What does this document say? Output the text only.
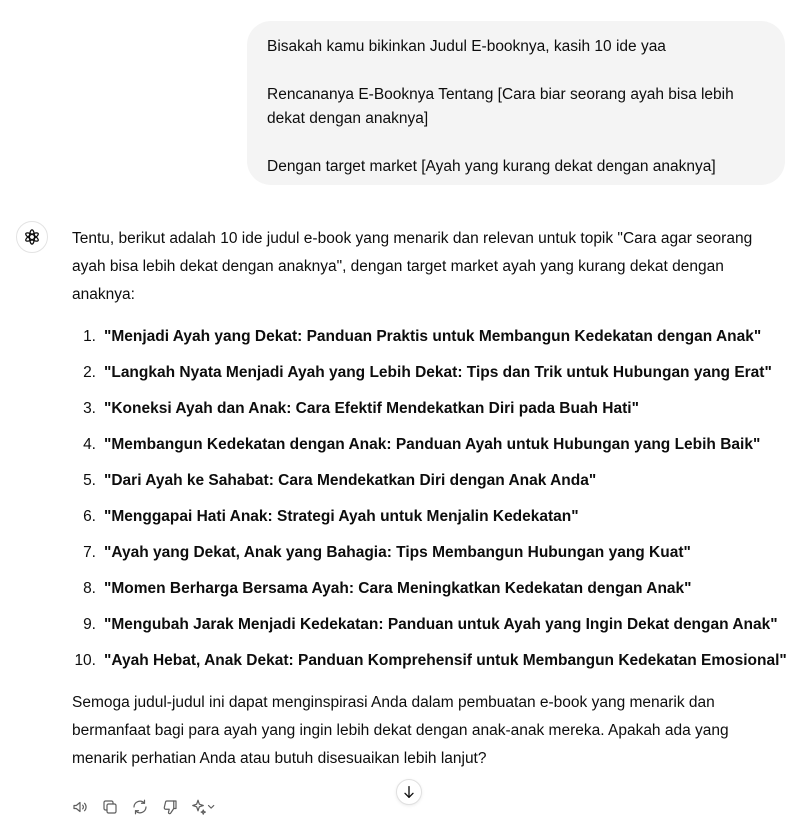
Bisakah kamu bikinkan Judul E-booknya, kasih 10 ide yaa

Rencananya E-Booknya Tentang [Cara biar seorang ayah bisa lebih dekat dengan anaknya]

Dengan target market [Ayah yang kurang dekat dengan anaknya]

Tentu, berikut adalah 10 ide judul e-book yang menarik dan relevan untuk topik "Cara agar seorang ayah bisa lebih dekat dengan anaknya", dengan target market ayah yang kurang dekat dengan anaknya:

1. "Menjadi Ayah yang Dekat: Panduan Praktis untuk Membangun Kedekatan dengan Anak"
2. "Langkah Nyata Menjadi Ayah yang Lebih Dekat: Tips dan Trik untuk Hubungan yang Erat"
3. "Koneksi Ayah dan Anak: Cara Efektif Mendekatkan Diri pada Buah Hati"
4. "Membangun Kedekatan dengan Anak: Panduan Ayah untuk Hubungan yang Lebih Baik"
5. "Dari Ayah ke Sahabat: Cara Mendekatkan Diri dengan Anak Anda"
6. "Menggapai Hati Anak: Strategi Ayah untuk Menjalin Kedekatan"
7. "Ayah yang Dekat, Anak yang Bahagia: Tips Membangun Hubungan yang Kuat"
8. "Momen Berharga Bersama Ayah: Cara Meningkatkan Kedekatan dengan Anak"
9. "Mengubah Jarak Menjadi Kedekatan: Panduan untuk Ayah yang Ingin Dekat dengan Anak"
10. "Ayah Hebat, Anak Dekat: Panduan Komprehensif untuk Membangun Kedekatan Emosional"

Semoga judul-judul ini dapat menginspirasi Anda dalam pembuatan e-book yang menarik dan bermanfaat bagi para ayah yang ingin lebih dekat dengan anak-anak mereka. Apakah ada yang menarik perhatian Anda atau butuh disesuaikan lebih lanjut?
